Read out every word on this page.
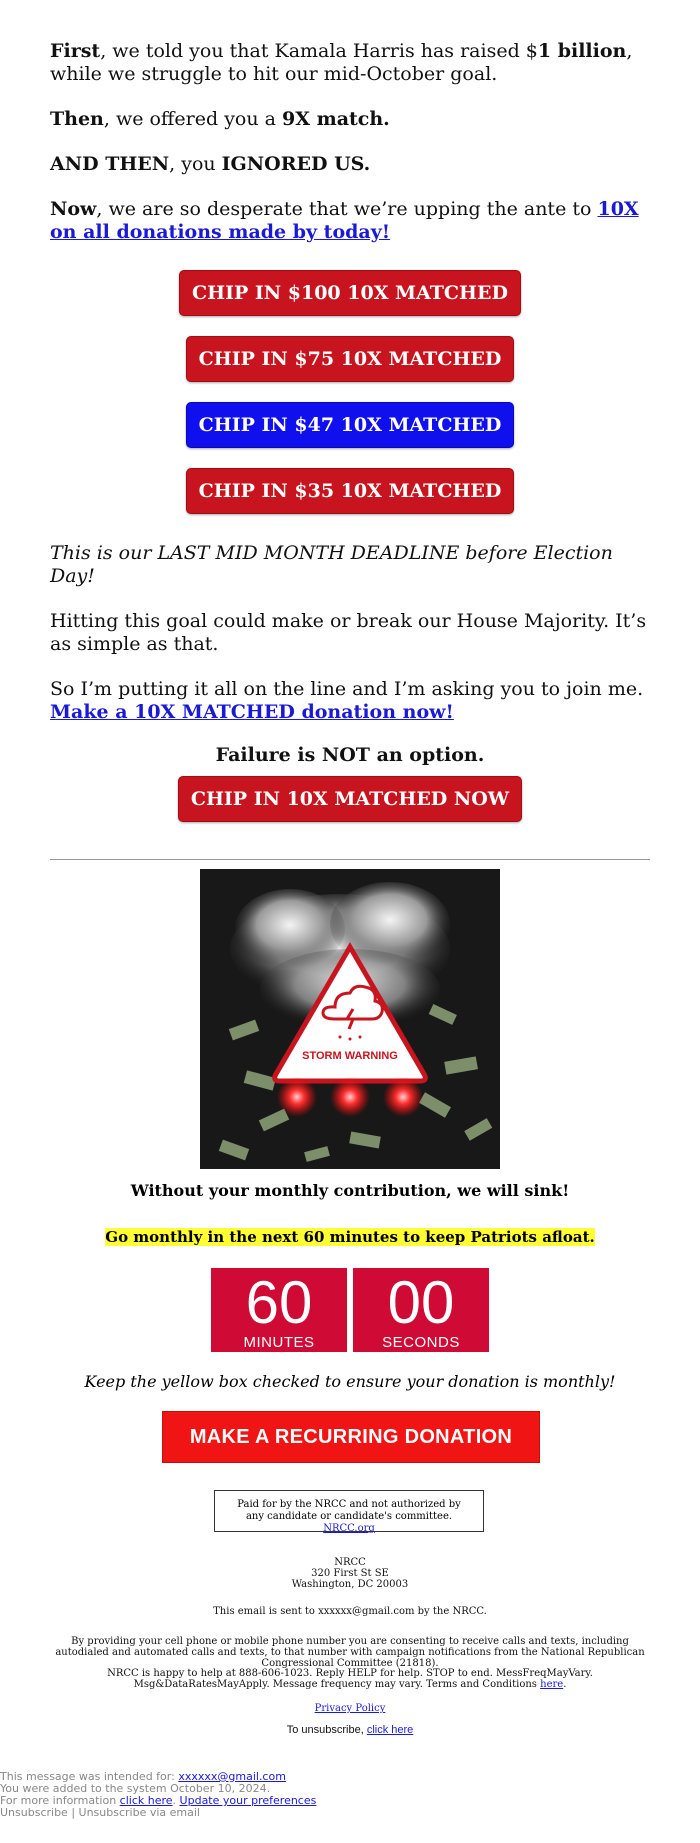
First, we told you that Kamala Harris has raised $1 billion, while we struggle to hit our mid-October goal.

Then, we offered you a 9X match.

AND THEN, you IGNORED US.

Now, we are so desperate that we’re upping the ante to 10X on all donations made by today!

CHIP IN $100 10X MATCHED
CHIP IN $75 10X MATCHED
CHIP IN $47 10X MATCHED
CHIP IN $35 10X MATCHED

This is our LAST MID MONTH DEADLINE before Election Day!

Hitting this goal could make or break our House Majority. It’s as simple as that.

So I’m putting it all on the line and I’m asking you to join me.
Make a 10X MATCHED donation now!

Failure is NOT an option.
CHIP IN 10X MATCHED NOW
STORM WARNING
Without your monthly contribution, we will sink!
Go monthly in the next 60 minutes to keep Patriots afloat.
60
MINUTES
00
SECONDS
Keep the yellow box checked to ensure your donation is monthly!
MAKE A RECURRING DONATION
Paid for by the NRCC and not authorized by any candidate or candidate's committee. NRCC.org
NRCC
320 First St SE
Washington, DC 20003
This email is sent to xxxxxx@gmail.com by the NRCC.
By providing your cell phone or mobile phone number you are consenting to receive calls and texts, including autodialed and automated calls and texts, to that number with campaign notifications from the National Republican Congressional Committee (21818).
NRCC is happy to help at 888-606-1023. Reply HELP for help. STOP to end. MessFreqMayVary. Msg&DataRatesMayApply. Message frequency may vary. Terms and Conditions here.
Privacy Policy
To unsubscribe, click here
This message was intended for: xxxxxx@gmail.com
You were added to the system October 10, 2024.
For more information click here. Update your preferences
Unsubscribe | Unsubscribe via email
